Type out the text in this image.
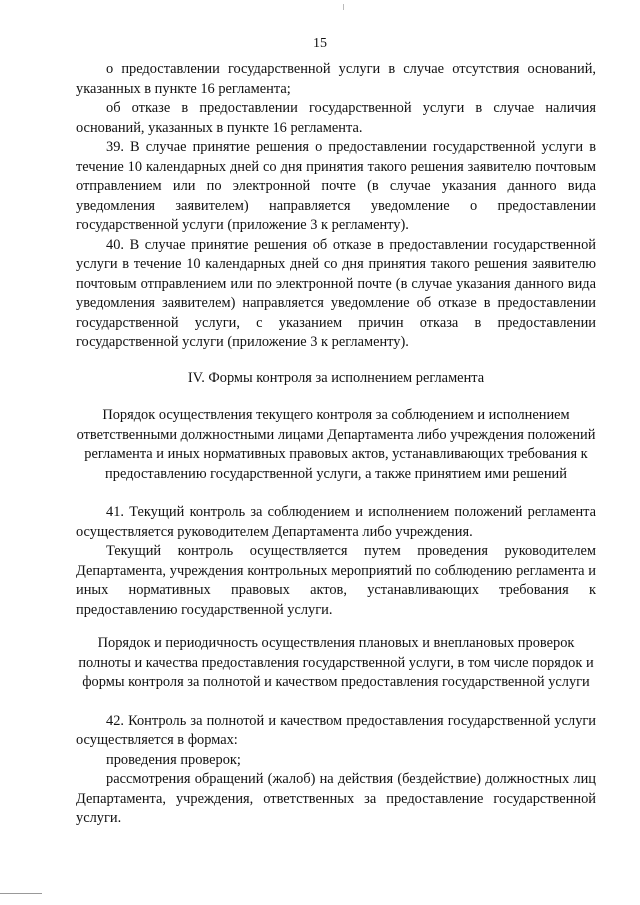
15

о предоставлении государственной услуги в случае отсутствия оснований, указанных в пункте 16 регламента;

об отказе в предоставлении государственной услуги в случае наличия оснований, указанных в пункте 16 регламента.

39. В случае принятие решения о предоставлении государственной услуги в течение 10 календарных дней со дня принятия такого решения заявителю почтовым отправлением или по электронной почте (в случае указания данного вида уведомления заявителем) направляется уведомление о предоставлении государственной услуги (приложение 3 к регламенту).

40. В случае принятие решения об отказе в предоставлении государственной услуги в течение 10 календарных дней со дня принятия такого решения заявителю почтовым отправлением или по электронной почте (в случае указания данного вида уведомления заявителем) направляется уведомление об отказе в предоставлении государственной услуги, с указанием причин отказа в предоставлении государственной услуги (приложение 3 к регламенту).

IV. Формы контроля за исполнением регламента

Порядок осуществления текущего контроля за соблюдением и исполнением ответственными должностными лицами Департамента либо учреждения положений регламента и иных нормативных правовых актов, устанавливающих требования к предоставлению государственной услуги, а также принятием ими решений

41. Текущий контроль за соблюдением и исполнением положений регламента осуществляется руководителем Департамента либо учреждения.

Текущий контроль осуществляется путем проведения руководителем Департамента, учреждения контрольных мероприятий по соблюдению регламента и иных нормативных правовых актов, устанавливающих требования к предоставлению государственной услуги.

Порядок и периодичность осуществления плановых и внеплановых проверок полноты и качества предоставления государственной услуги, в том числе порядок и формы контроля за полнотой и качеством предоставления государственной услуги

42. Контроль за полнотой и качеством предоставления государственной услуги осуществляется в формах:

проведения проверок;

рассмотрения обращений (жалоб) на действия (бездействие) должностных лиц Департамента, учреждения, ответственных за предоставление государственной услуги.
